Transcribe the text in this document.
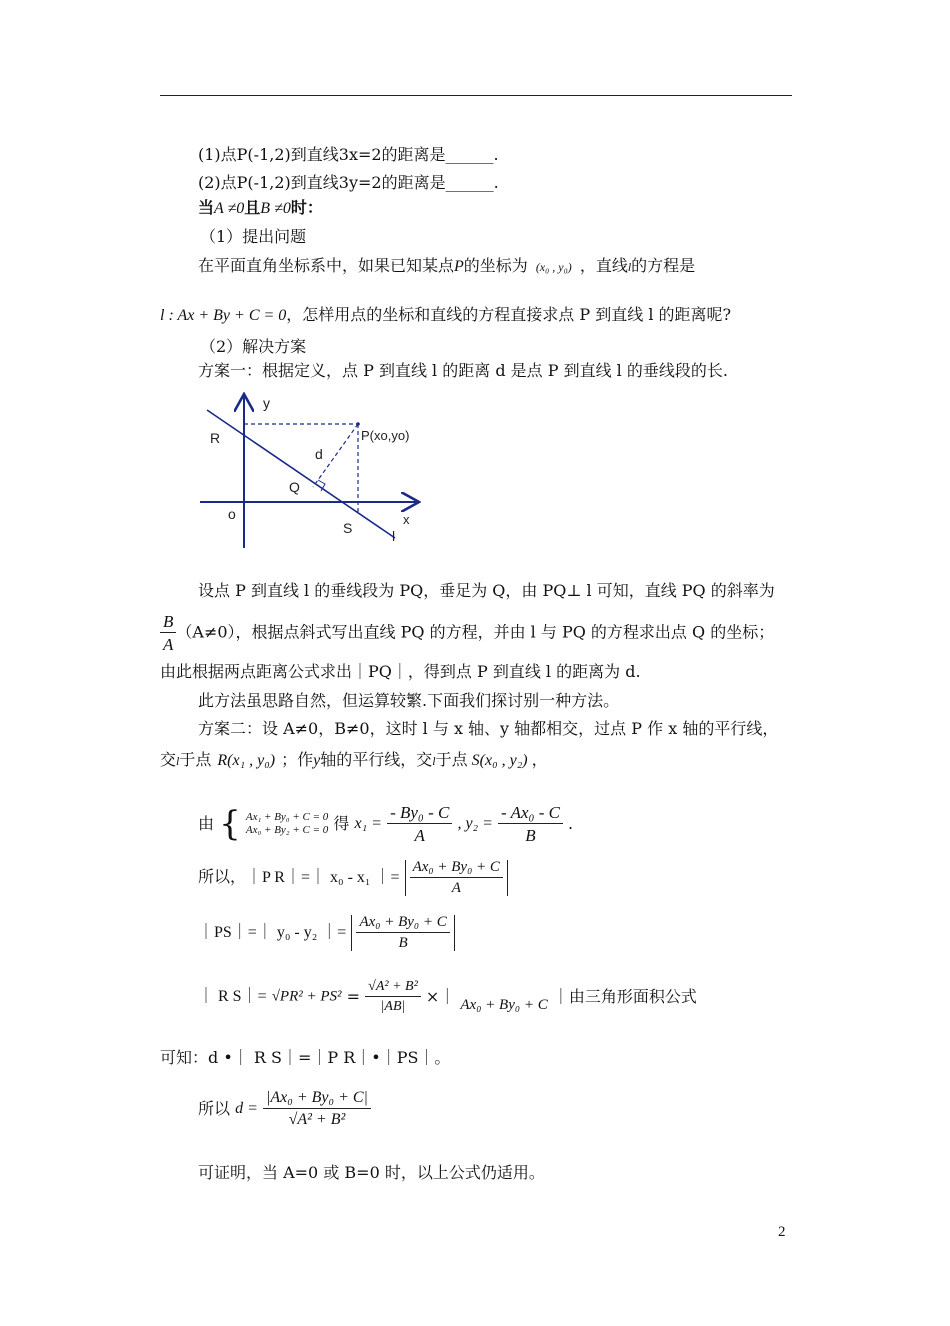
(1)点P(-1,2)到直线3x=2的距离是______.
(2)点P(-1,2)到直线3y=2的距离是______.
当A ≠0且B ≠0时：
（1）提出问题
在平面直角坐标系中，如果已知某点P的坐标为 (x₀ , y₀) ，直线l的方程是
l : Ax + By + C = 0，怎样用点的坐标和直线的方程直接求点 P 到直线 l 的距离呢?
（2）解决方案
方案一：根据定义，点 P 到直线 l 的距离 d 是点 P 到直线 l 的垂线段的长.
y
x
R	P(xo,yo)
d
Q
o
S	l
设点 P 到直线 l 的垂线段为 PQ，垂足为 Q，由 PQ⊥ l 可知，直线 PQ 的斜率为
$\frac{B}{A} (A\ne 0)$，根据点斜式写出直线 PQ 的方程，并由 l 与 PQ 的方程求出点 Q 的坐标；
由此根据两点距离公式求出｜PQ｜，得到点 P 到直线 l 的距离为 d.
此方法虽思路自然，但运算较繁.下面我们探讨别一种方法。
方案二：设 A≠0，B≠0，这时 l 与 x 轴、y 轴都相交，过点 P 作 x 轴的平行线，
交l于点 R(x₁ , y₀) ；作y轴的平行线，交l于点 S(x₀ , y₂) ，
由 { Ax₁ + By₀ + C = 0
Ax₀ + By₂ + C = 0 得 $x_1 = \frac{\text{- By₀ - C}}{A}$ , $y_2 = \frac{\text{- Ax₀ - C}}{B}$ .
所以，｜P R｜=｜ x₀ - x₁ ｜= $\frac{\text{Ax₀ + By₀ + C}}{A}$
｜PS｜=｜ y₀ - y₂ ｜= $\frac{\text{Ax₀ + By₀ + C}}{B}$
｜ R S｜= $√PR^2 + PS^2 = \frac{\text{√A² + B²}}{|AB|}$ ×｜ Ax₀ + By₀ + C ｜由三角形面积公式
可知：d •｜ R S｜=｜P R｜•｜PS｜。
所以 $d = \frac{\text{|Ax₀ + By₀ + C|}}{\text{√A² + B²}}$
可证明，当 A=0 或 B=0 时，以上公式仍适用。
2
